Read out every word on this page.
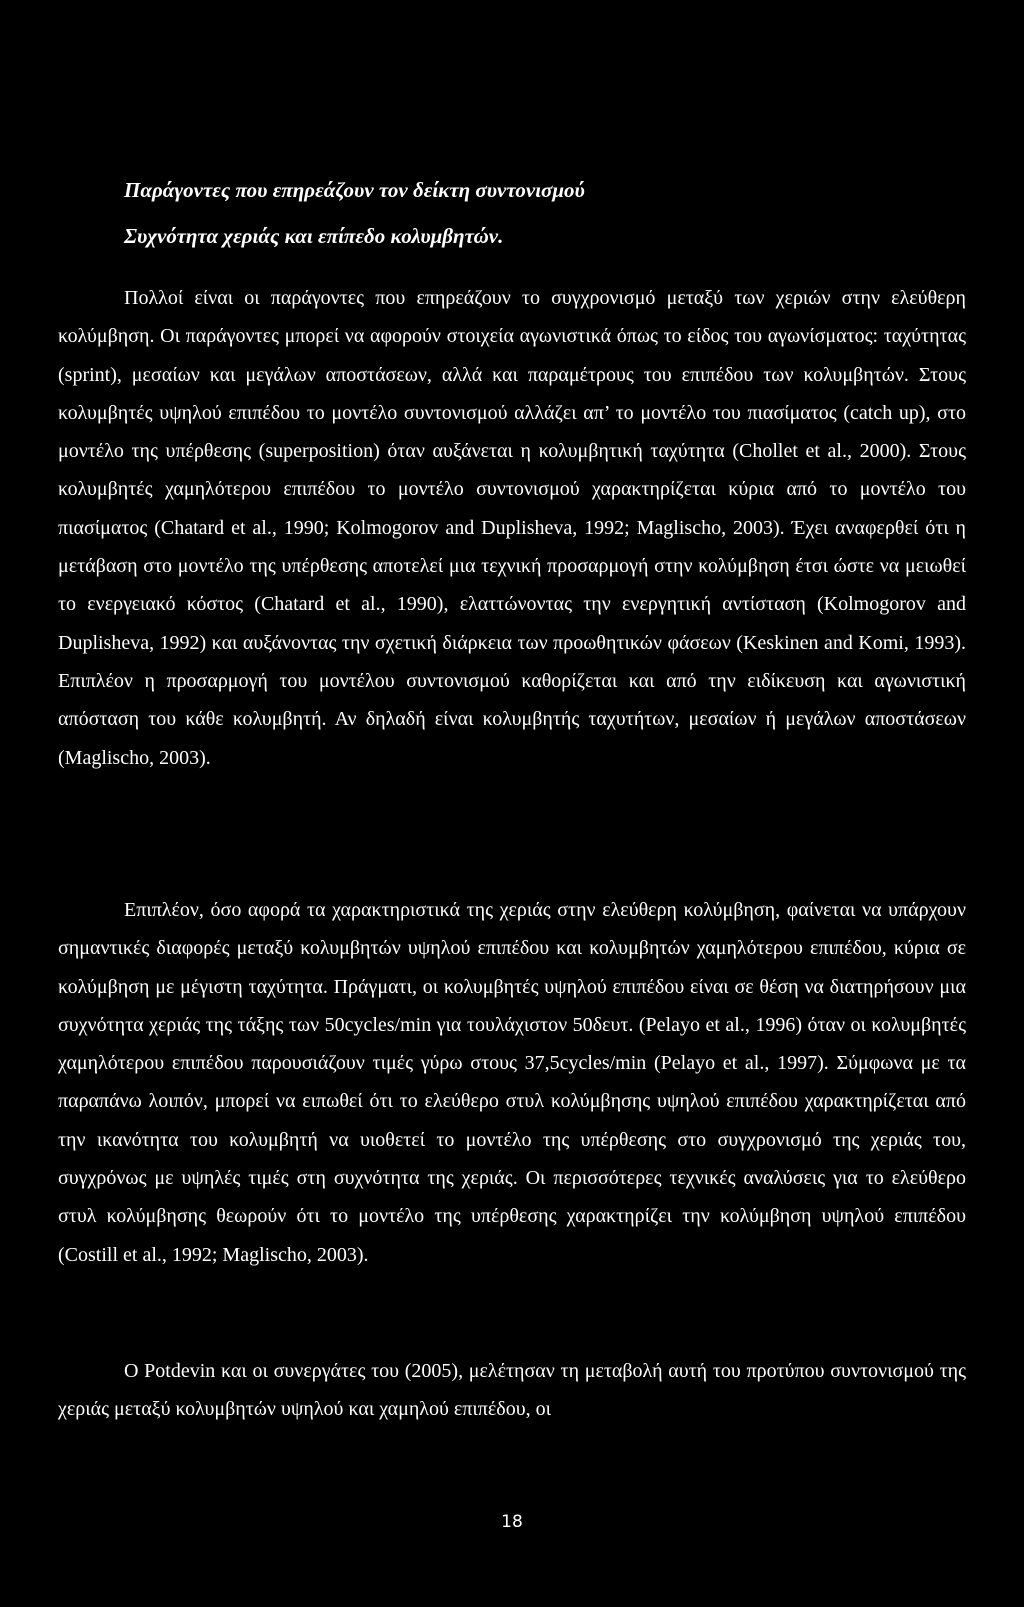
Παράγοντες που επηρεάζουν τον δείκτη συντονισμού
Συχνότητα χεριάς και επίπεδο κολυμβητών.

Πολλοί είναι οι παράγοντες που επηρεάζουν το συγχρονισμό μεταξύ των χεριών στην ελεύθερη κολύμβηση. Οι παράγοντες μπορεί να αφορούν στοιχεία αγωνιστικά όπως το είδος του αγωνίσματος: ταχύτητας (sprint), μεσαίων και μεγάλων αποστάσεων, αλλά και παραμέτρους του επιπέδου των κολυμβητών. Στους κολυμβητές υψηλού επιπέδου το μοντέλο συντονισμού αλλάζει απ’ το μοντέλο του πιασίματος (catch up), στο μοντέλο της υπέρθεσης (superposition) όταν αυξάνεται η κολυμβητική ταχύτητα (Chollet et al., 2000). Στους κολυμβητές χαμηλότερου επιπέδου το μοντέλο συντονισμού χαρακτηρίζεται κύρια από το μοντέλο του πιασίματος (Chatard et al., 1990; Kolmogorov and Duplisheva, 1992; Maglischo, 2003). Έχει αναφερθεί ότι η μετάβαση στο μοντέλο της υπέρθεσης αποτελεί μια τεχνική προσαρμογή στην κολύμβηση έτσι ώστε να μειωθεί το ενεργειακό κόστος (Chatard et al., 1990), ελαττώνοντας την ενεργητική αντίσταση (Kolmogorov and Duplisheva, 1992) και αυξάνοντας την σχετική διάρκεια των προωθητικών φάσεων (Keskinen and Komi, 1993). Επιπλέον η προσαρμογή του μοντέλου συντονισμού καθορίζεται και από την ειδίκευση και αγωνιστική απόσταση του κάθε κολυμβητή. Αν δηλαδή είναι κολυμβητής ταχυτήτων, μεσαίων ή μεγάλων αποστάσεων (Maglischo, 2003).

Επιπλέον, όσο αφορά τα χαρακτηριστικά της χεριάς στην ελεύθερη κολύμβηση, φαίνεται να υπάρχουν σημαντικές διαφορές μεταξύ κολυμβητών υψηλού επιπέδου και κολυμβητών χαμηλότερου επιπέδου, κύρια σε κολύμβηση με μέγιστη ταχύτητα. Πράγματι, οι κολυμβητές υψηλού επιπέδου είναι σε θέση να διατηρήσουν μια συχνότητα χεριάς της τάξης των 50cycles/min για τουλάχιστον 50δευτ. (Pelayo et al., 1996) όταν οι κολυμβητές χαμηλότερου επιπέδου παρουσιάζουν τιμές γύρω στους 37,5cycles/min (Pelayo et al., 1997). Σύμφωνα με τα παραπάνω λοιπόν, μπορεί να ειπωθεί ότι το ελεύθερο στυλ κολύμβησης υψηλού επιπέδου χαρακτηρίζεται από την ικανότητα του κολυμβητή να υιοθετεί το μοντέλο της υπέρθεσης στο συγχρονισμό της χεριάς του, συγχρόνως με υψηλές τιμές στη συχνότητα της χεριάς. Οι περισσότερες τεχνικές αναλύσεις για το ελεύθερο στυλ κολύμβησης θεωρούν ότι το μοντέλο της υπέρθεσης χαρακτηρίζει την κολύμβηση υψηλού επιπέδου (Costill et al., 1992; Maglischo, 2003).

Ο Potdevin και οι συνεργάτες του (2005), μελέτησαν τη μεταβολή αυτή του προτύπου συντονισμού της χεριάς μεταξύ κολυμβητών υψηλού και χαμηλού επιπέδου, οι

18
